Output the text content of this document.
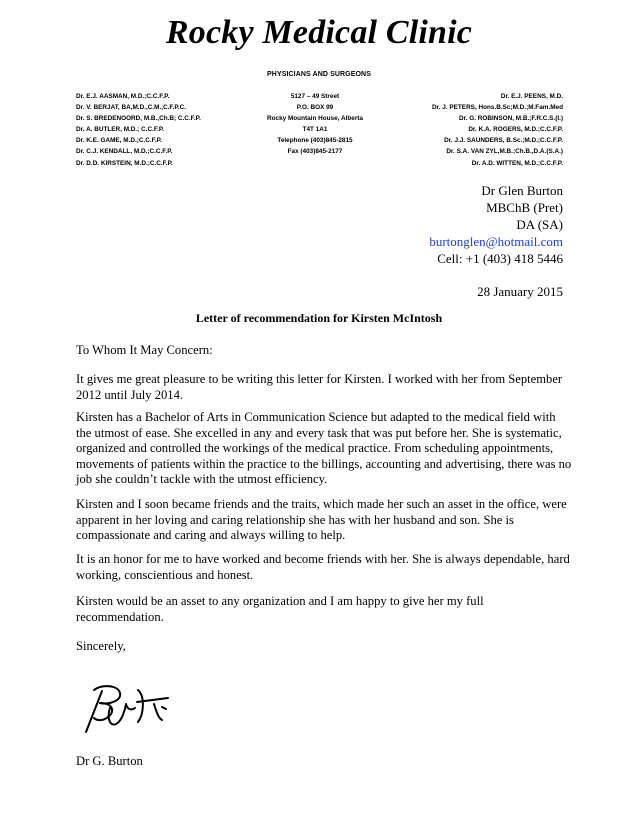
Rocky Medical Clinic
PHYSICIANS AND SURGEONS
Dr. E.J. AASMAN, M.D.;C.C.F.P.
Dr. V. BERJAT, BA,M.D.,C.M.,C.F.P.C.
Dr. S. BREDENOORD, M.B.,Ch.B; C.C.F.P.
Dr. A. BUTLER, M.D.; C.C.F.P.
Dr. K.E. GAME, M.D.;C.C.F.P.
Dr. C.J. KENDALL, M.D.;C.C.F.P.
Dr. D.D. KIRSTEIN, M.D.;C.C.F.P.
5127 – 49 Street
P.O. BOX 99
Rocky Mountain House, Alberta
T4T 1A1
Telephone (403)845-2815
Fax (403)845-2177
Dr. E.J. PEENS, M.D.
Dr. J. PETERS, Hons.B.Sc;M.D.;M.Fam.Med
Dr. G. ROBINSON, M.B.;F.R.C.S.(I.)
Dr. K.A. ROGERS, M.D.;C.C.F.P.
Dr. J.J. SAUNDERS, B.Sc.;M.D.;C.C.F.P.
Dr. S.A. VAN ZYL,M.B.;Ch.B.,D.A.(S.A.)
Dr. A.D. WITTEN, M.D.;C.C.F.P.
Dr Glen Burton
MBChB (Pret)
DA (SA)
burtonglen@hotmail.com
Cell: +1 (403) 418 5446
28 January 2015
Letter of recommendation for Kirsten McIntosh
To Whom It May Concern:
It gives me great pleasure to be writing this letter for Kirsten. I worked with her from September 2012 until July 2014.
Kirsten has a Bachelor of Arts in Communication Science but adapted to the medical field with the utmost of ease. She excelled in any and every task that was put before her. She is systematic, organized and controlled the workings of the medical practice. From scheduling appointments, movements of patients within the practice to the billings, accounting and advertising, there was no job she couldn’t tackle with the utmost efficiency.
Kirsten and I soon became friends and the traits, which made her such an asset in the office, were apparent in her loving and caring relationship she has with her husband and son. She is compassionate and caring and always willing to help.
It is an honor for me to have worked and become friends with her. She is always dependable, hard working, conscientious and honest.
Kirsten would be an asset to any organization and I am happy to give her my full recommendation.
Sincerely,
Dr G. Burton
